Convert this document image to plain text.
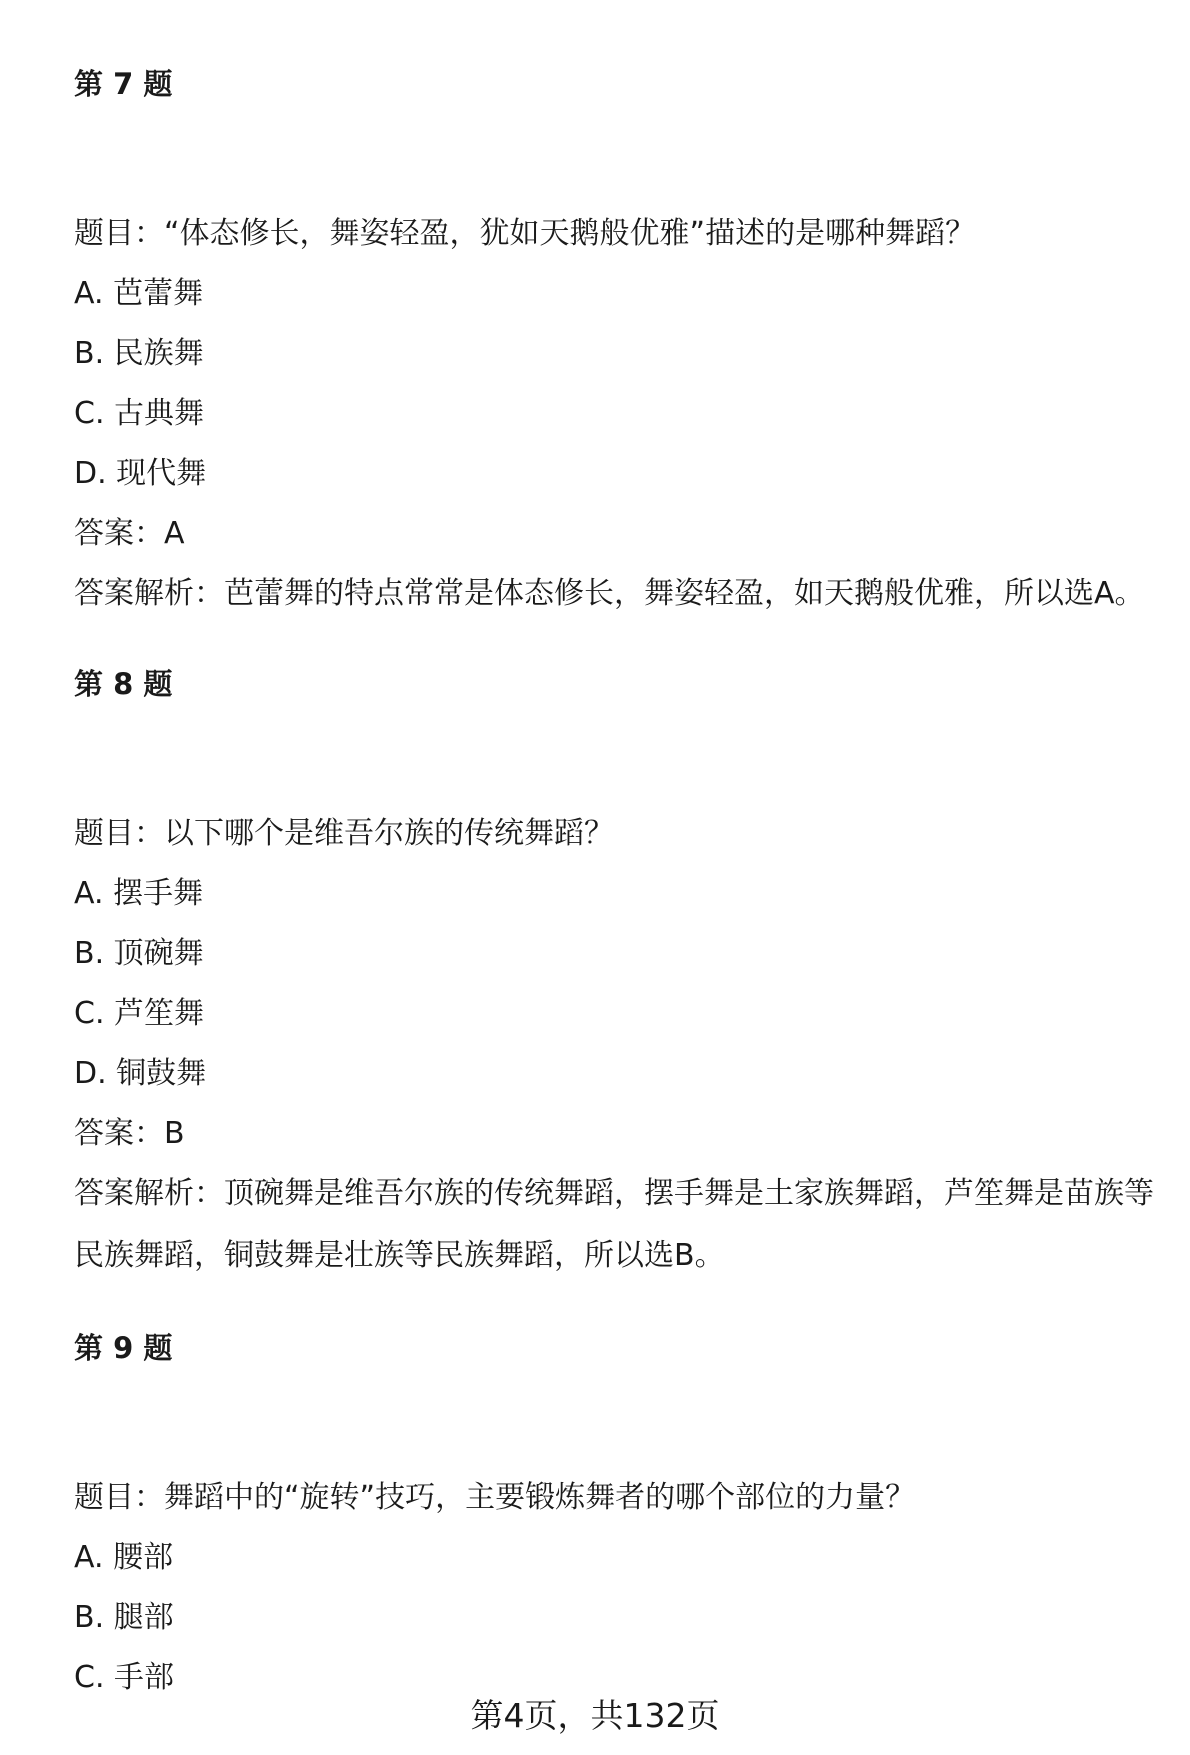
第 7 题
题目：“体态修长，舞姿轻盈，犹如天鹅般优雅”描述的是哪种舞蹈？
A. 芭蕾舞
B. 民族舞
C. 古典舞
D. 现代舞
答案：A
答案解析：芭蕾舞的特点常常是体态修长，舞姿轻盈，如天鹅般优雅，所以选A。
第 8 题
题目：以下哪个是维吾尔族的传统舞蹈？
A. 摆手舞
B. 顶碗舞
C. 芦笙舞
D. 铜鼓舞
答案：B
答案解析：顶碗舞是维吾尔族的传统舞蹈，摆手舞是土家族舞蹈，芦笙舞是苗族等民族舞蹈，铜鼓舞是壮族等民族舞蹈，所以选B。
第 9 题
题目：舞蹈中的“旋转”技巧，主要锻炼舞者的哪个部位的力量？
A. 腰部
B. 腿部
C. 手部
第4页，共132页
